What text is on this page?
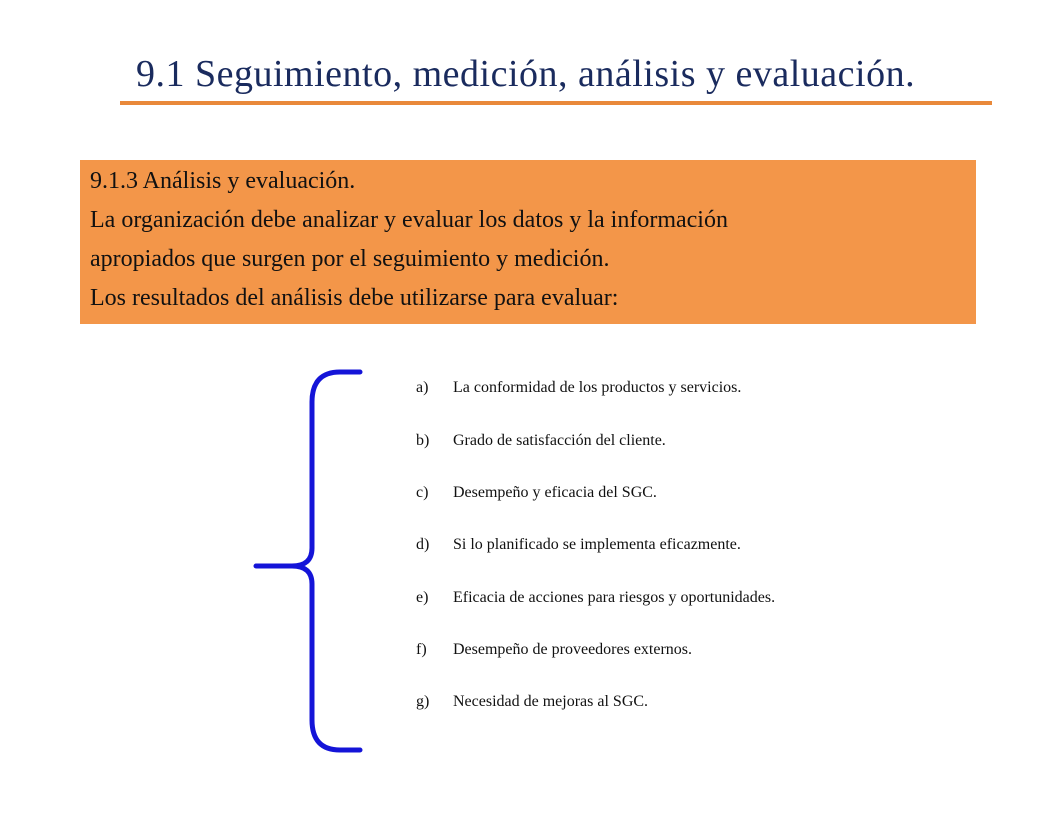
9.1 Seguimiento, medición, análisis y evaluación.
9.1.3 Análisis y evaluación.
La organización debe analizar y evaluar los datos y la información
apropiados que surgen por el seguimiento y medición.
Los resultados del análisis debe utilizarse para evaluar:
a) La conformidad de los productos y servicios.
b) Grado de satisfacción del cliente.
c) Desempeño y eficacia del SGC.
d) Si lo planificado se implementa eficazmente.
e) Eficacia de acciones para riesgos y oportunidades.
f) Desempeño de proveedores externos.
g) Necesidad de mejoras al SGC.
